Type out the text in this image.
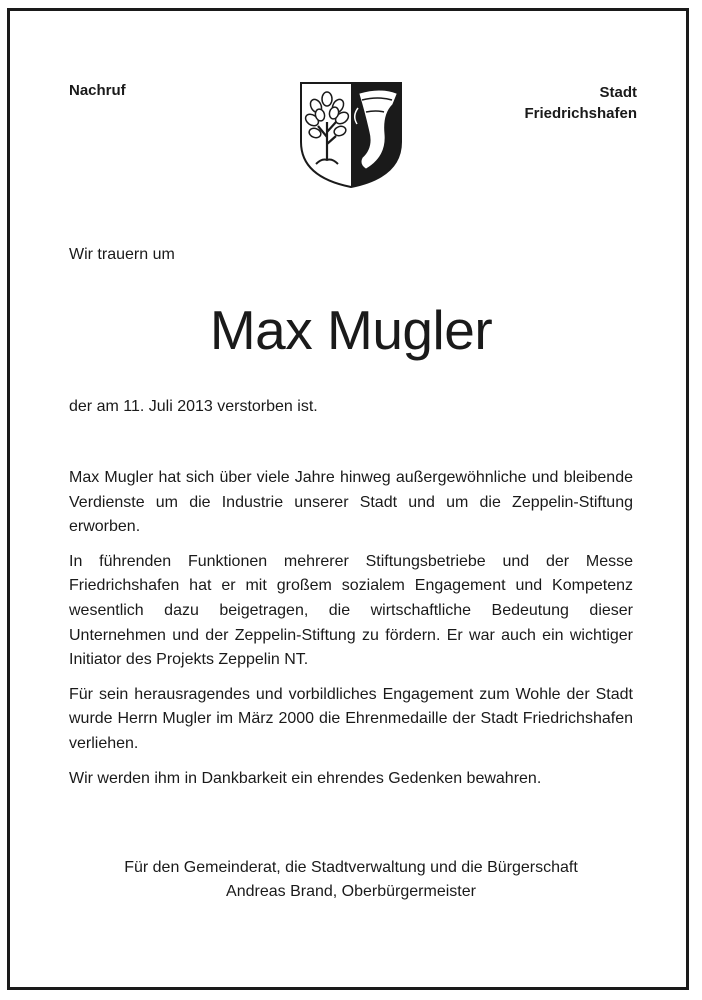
Nachruf	Stadt
Friedrichshafen
Wir trauern um
Max Mugler
der am 11. Juli 2013 verstorben ist.

Max Mugler hat sich über viele Jahre hinweg außergewöhnliche und bleibende Verdienste um die Industrie unserer Stadt und um die Zeppelin-Stiftung erworben.

In führenden Funktionen mehrerer Stiftungsbetriebe und der Messe Friedrichshafen hat er mit großem sozialem Engagement und Kompetenz wesentlich dazu beigetragen, die wirtschaftliche Bedeutung dieser Unternehmen und der Zeppelin-Stiftung zu fördern. Er war auch ein wichtiger Initiator des Projekts Zeppelin NT.

Für sein herausragendes und vorbildliches Engagement zum Wohle der Stadt wurde Herrn Mugler im März 2000 die Ehrenmedaille der Stadt Friedrichshafen verliehen.

Wir werden ihm in Dankbarkeit ein ehrendes Gedenken bewahren.

Für den Gemeinderat, die Stadtverwaltung und die Bürgerschaft
Andreas Brand, Oberbürgermeister
